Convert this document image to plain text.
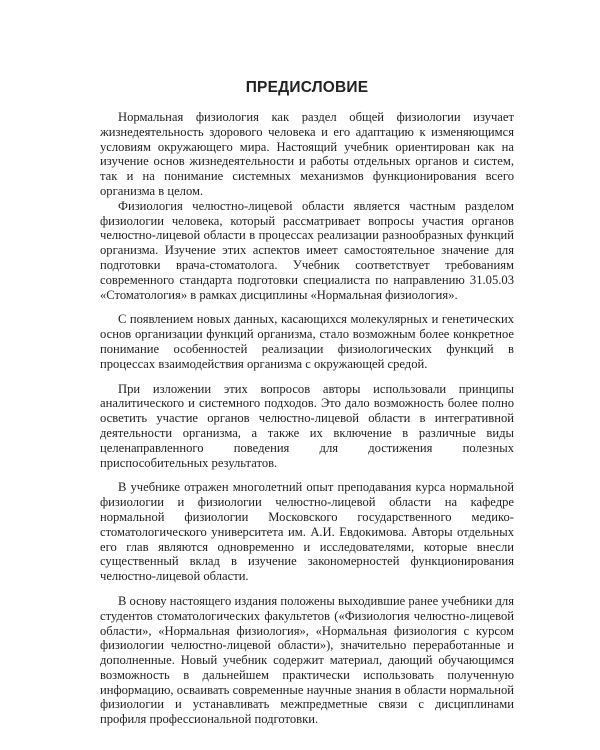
ПРЕДИСЛОВИЕ

Нормальная физиология как раздел общей физиологии изучает жизнедеятельность здорового человека и его адаптацию к изменяющимся условиям окружающего мира. Настоящий учебник ориентирован как на изучение основ жизнедеятельности и работы отдельных органов и систем, так и на понимание системных механизмов функционирования всего организма в целом.

Физиология челюстно-лицевой области является частным разделом физиологии человека, который рассматривает вопросы участия органов челюстно-лицевой области в процессах реализации разнообразных функций организма. Изучение этих аспектов имеет самостоятельное значение для подготовки врача-стоматолога. Учебник соответствует требованиям современного стандарта подготовки специалиста по направлению 31.05.03 «Стоматология» в рамках дисциплины «Нормальная физиология».

С появлением новых данных, касающихся молекулярных и генетических основ организации функций организма, стало возможным более конкретное понимание особенностей реализации физиологических функций в процессах взаимодействия организма с окружающей средой.

При изложении этих вопросов авторы использовали принципы аналитического и системного подходов. Это дало возможность более полно осветить участие органов челюстно-лицевой области в интегративной деятельности организма, а также их включение в различные виды целенаправленного поведения для достижения полезных приспособительных результатов.

В учебнике отражен многолетний опыт преподавания курса нормальной физиологии и физиологии челюстно-лицевой области на кафедре нормальной физиологии Московского государственного медико-стоматологического университета им. А.И. Евдокимова. Авторы отдельных его глав являются одновременно и исследователями, которые внесли существенный вклад в изучение закономерностей функционирования челюстно-лицевой области.

В основу настоящего издания положены выходившие ранее учебники для студентов стоматологических факультетов («Физиология челюстно-лицевой области», «Нормальная физиология», «Нормальная физиология с курсом физиологии челюстно-лицевой области»), значительно переработанные и дополненные. Новый учебник содержит материал, дающий обучающимся возможность в дальнейшем практически использовать полученную информацию, осваивать современные научные знания в области нормальной физиологии и устанавливать межпредметные связи с дисциплинами профиля профессиональной подготовки.
